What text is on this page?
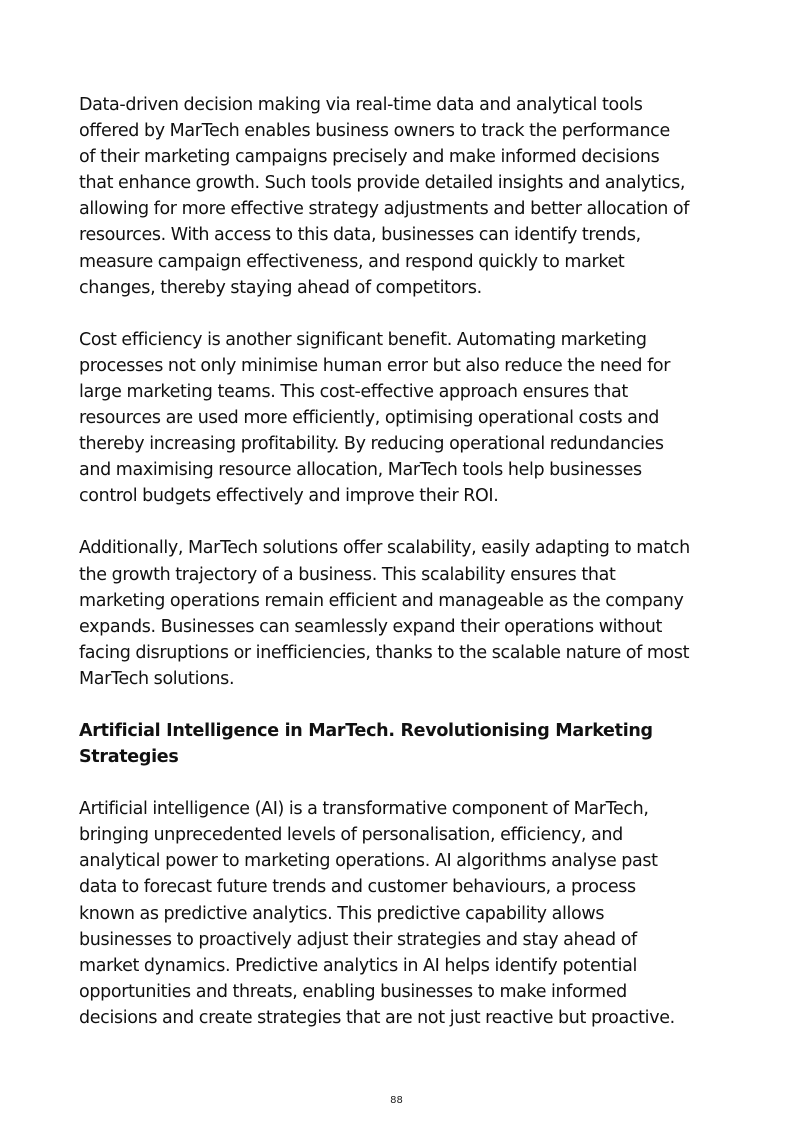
Data-driven decision making via real-time data and analytical tools
offered by MarTech enables business owners to track the performance
of their marketing campaigns precisely and make informed decisions
that enhance growth. Such tools provide detailed insights and analytics,
allowing for more effective strategy adjustments and better allocation of
resources. With access to this data, businesses can identify trends,
measure campaign effectiveness, and respond quickly to market
changes, thereby staying ahead of competitors.

Cost efficiency is another significant benefit. Automating marketing
processes not only minimise human error but also reduce the need for
large marketing teams. This cost-effective approach ensures that
resources are used more efficiently, optimising operational costs and
thereby increasing profitability. By reducing operational redundancies
and maximising resource allocation, MarTech tools help businesses
control budgets effectively and improve their ROI.

Additionally, MarTech solutions offer scalability, easily adapting to match
the growth trajectory of a business. This scalability ensures that
marketing operations remain efficient and manageable as the company
expands. Businesses can seamlessly expand their operations without
facing disruptions or inefficiencies, thanks to the scalable nature of most
MarTech solutions.

Artificial Intelligence in MarTech. Revolutionising Marketing
Strategies

Artificial intelligence (AI) is a transformative component of MarTech,
bringing unprecedented levels of personalisation, efficiency, and
analytical power to marketing operations. AI algorithms analyse past
data to forecast future trends and customer behaviours, a process
known as predictive analytics. This predictive capability allows
businesses to proactively adjust their strategies and stay ahead of
market dynamics. Predictive analytics in AI helps identify potential
opportunities and threats, enabling businesses to make informed
decisions and create strategies that are not just reactive but proactive.

88
